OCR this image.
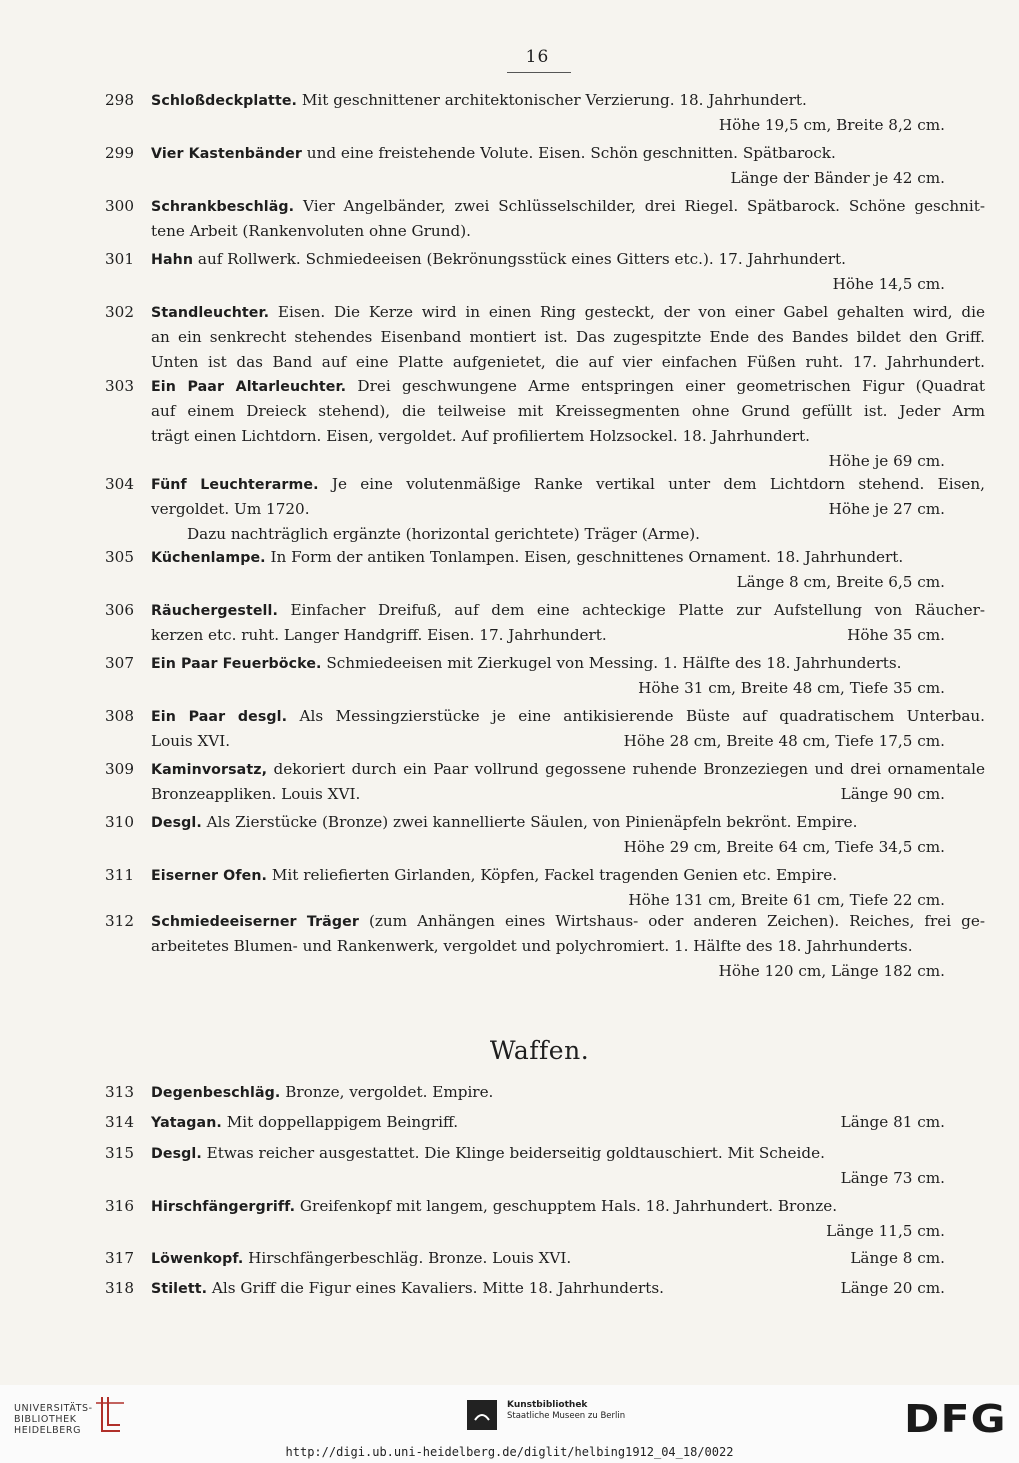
16
298	Schloßdeckplatte. Mit geschnittener architektonischer Verzierung. 18. Jahrhundert.
Höhe 19,5 cm, Breite 8,2 cm.
299	Vier Kastenbänder und eine freistehende Volute. Eisen. Schön geschnitten. Spätbarock.
Länge der Bänder je 42 cm.
300	Schrankbeschläg. Vier Angelbänder, zwei Schlüsselschilder, drei Riegel. Spätbarock. Schöne geschnit-
tene Arbeit (Rankenvoluten ohne Grund).
301	Hahn auf Rollwerk. Schmiedeeisen (Bekrönungsstück eines Gitters etc.). 17. Jahrhundert.
Höhe 14,5 cm.
302	Standleuchter. Eisen. Die Kerze wird in einen Ring gesteckt, der von einer Gabel gehalten wird, die
an ein senkrecht stehendes Eisenband montiert ist. Das zugespitzte Ende des Bandes bildet den Griff.
Unten ist das Band auf eine Platte aufgenietet, die auf vier einfachen Füßen ruht. 17. Jahrhundert.
303	Ein Paar Altarleuchter. Drei geschwungene Arme entspringen einer geometrischen Figur (Quadrat
auf einem Dreieck stehend), die teilweise mit Kreissegmenten ohne Grund gefüllt ist. Jeder Arm
trägt einen Lichtdorn. Eisen, vergoldet. Auf profiliertem Holzsockel. 18. Jahrhundert.
Höhe je 69 cm.
304	Fünf Leuchterarme. Je eine volutenmäßige Ranke vertikal unter dem Lichtdorn stehend. Eisen,
vergoldet. Um 1720.	Höhe je 27 cm.
Dazu nachträglich ergänzte (horizontal gerichtete) Träger (Arme).
305	Küchenlampe. In Form der antiken Tonlampen. Eisen, geschnittenes Ornament. 18. Jahrhundert.
Länge 8 cm, Breite 6,5 cm.
306	Räuchergestell. Einfacher Dreifuß, auf dem eine achteckige Platte zur Aufstellung von Räucher-
kerzen etc. ruht. Langer Handgriff. Eisen. 17. Jahrhundert.	Höhe 35 cm.
307	Ein Paar Feuerböcke. Schmiedeeisen mit Zierkugel von Messing. 1. Hälfte des 18. Jahrhunderts.
Höhe 31 cm, Breite 48 cm, Tiefe 35 cm.
308	Ein Paar desgl. Als Messingzierstücke je eine antikisierende Büste auf quadratischem Unterbau.
Louis XVI.	Höhe 28 cm, Breite 48 cm, Tiefe 17,5 cm.
309	Kaminvorsatz, dekoriert durch ein Paar vollrund gegossene ruhende Bronzeziegen und drei ornamentale
Bronzeappliken. Louis XVI.	Länge 90 cm.
310	Desgl. Als Zierstücke (Bronze) zwei kannellierte Säulen, von Pinienäpfeln bekrönt. Empire.
Höhe 29 cm, Breite 64 cm, Tiefe 34,5 cm.
311	Eiserner Ofen. Mit reliefierten Girlanden, Köpfen, Fackel tragenden Genien etc. Empire.
Höhe 131 cm, Breite 61 cm, Tiefe 22 cm.
312	Schmiedeeiserner Träger (zum Anhängen eines Wirtshaus- oder anderen Zeichen). Reiches, frei ge-
arbeitetes Blumen- und Rankenwerk, vergoldet und polychromiert. 1. Hälfte des 18. Jahrhunderts.
Höhe 120 cm, Länge 182 cm.
313	Degenbeschläg. Bronze, vergoldet. Empire.
314	Yatagan. Mit doppellappigem Beingriff.	Länge 81 cm.
315	Desgl. Etwas reicher ausgestattet. Die Klinge beiderseitig goldtauschiert. Mit Scheide.
Länge 73 cm.
316	Hirschfängergriff. Greifenkopf mit langem, geschupptem Hals. 18. Jahrhundert. Bronze.
Länge 11,5 cm.
317	Löwenkopf. Hirschfängerbeschläg. Bronze. Louis XVI.	Länge 8 cm.
318	Stilett. Als Griff die Figur eines Kavaliers. Mitte 18. Jahrhunderts.	Länge 20 cm.
Waffen.
UNIVERSITÄTS-
BIBLIOTHEK
HEIDELBERG
Kunstbibliothek
Staatliche Museen zu Berlin	DFG
http://digi.ub.uni-heidelberg.de/diglit/helbing1912_04_18/0022
